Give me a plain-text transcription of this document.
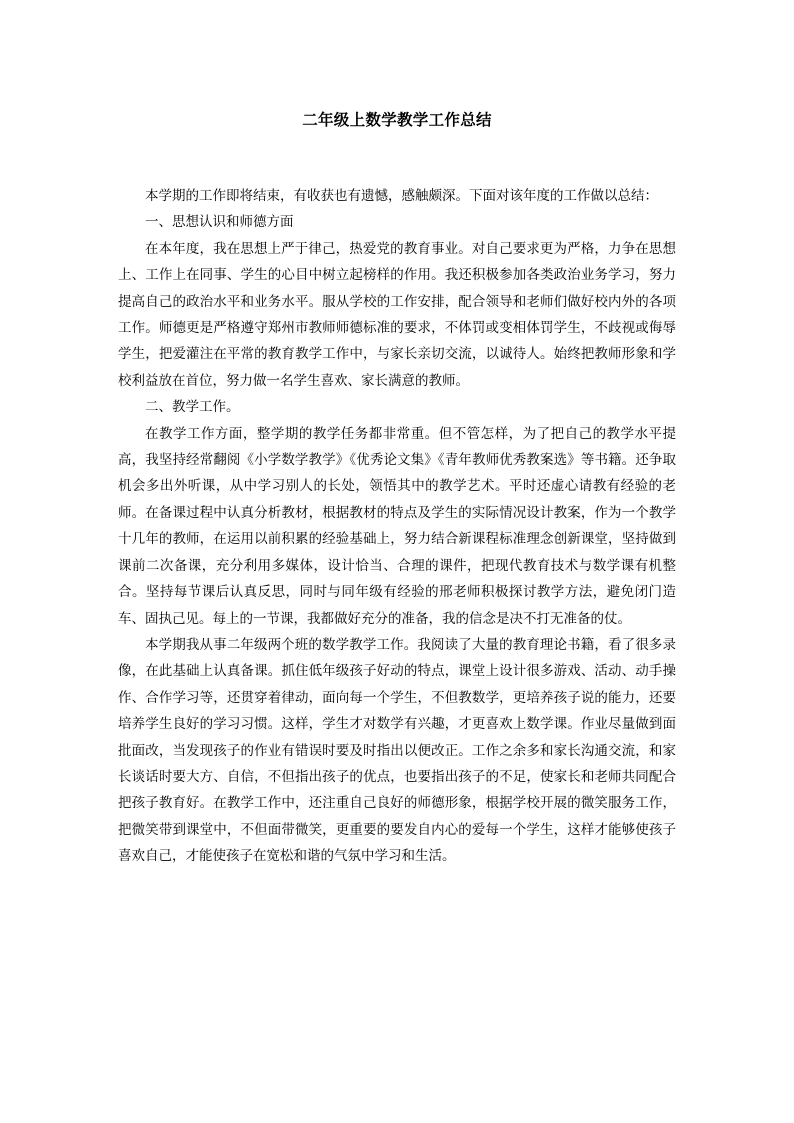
二年级上数学教学工作总结

本学期的工作即将结束，有收获也有遗憾，感触颇深。下面对该年度的工作做以总结：

一、思想认识和师德方面

在本年度，我在思想上严于律己，热爱党的教育事业。对自己要求更为严格，力争在思想上、工作上在同事、学生的心目中树立起榜样的作用。我还积极参加各类政治业务学习，努力提高自己的政治水平和业务水平。服从学校的工作安排，配合领导和老师们做好校内外的各项工作。师德更是严格遵守郑州市教师师德标准的要求，不体罚或变相体罚学生，不歧视或侮辱学生，把爱灌注在平常的教育教学工作中，与家长亲切交流，以诚待人。始终把教师形象和学校利益放在首位，努力做一名学生喜欢、家长满意的教师。

二、教学工作。

在教学工作方面，整学期的教学任务都非常重。但不管怎样，为了把自己的教学水平提高，我坚持经常翻阅《小学数学教学》《优秀论文集》《青年教师优秀教案选》等书籍。还争取机会多出外听课，从中学习别人的长处，领悟其中的教学艺术。平时还虚心请教有经验的老师。在备课过程中认真分析教材，根据教材的特点及学生的实际情况设计教案，作为一个教学十几年的教师，在运用以前积累的经验基础上，努力结合新课程标准理念创新课堂，坚持做到课前二次备课，充分利用多媒体，设计恰当、合理的课件，把现代教育技术与数学课有机整合。坚持每节课后认真反思，同时与同年级有经验的邢老师积极探讨教学方法，避免闭门造车、固执己见。每上的一节课，我都做好充分的准备，我的信念是决不打无准备的仗。

本学期我从事二年级两个班的数学教学工作。我阅读了大量的教育理论书籍，看了很多录像，在此基础上认真备课。抓住低年级孩子好动的特点，课堂上设计很多游戏、活动、动手操作、合作学习等，还贯穿着律动，面向每一个学生，不但教数学，更培养孩子说的能力，还要培养学生良好的学习习惯。这样，学生才对数学有兴趣，才更喜欢上数学课。作业尽量做到面批面改，当发现孩子的作业有错误时要及时指出以便改正。工作之余多和家长沟通交流，和家长谈话时要大方、自信，不但指出孩子的优点，也要指出孩子的不足，使家长和老师共同配合把孩子教育好。在教学工作中，还注重自己良好的师德形象，根据学校开展的微笑服务工作，把微笑带到课堂中，不但面带微笑，更重要的要发自内心的爱每一个学生，这样才能够使孩子喜欢自己，才能使孩子在宽松和谐的气氛中学习和生活。
